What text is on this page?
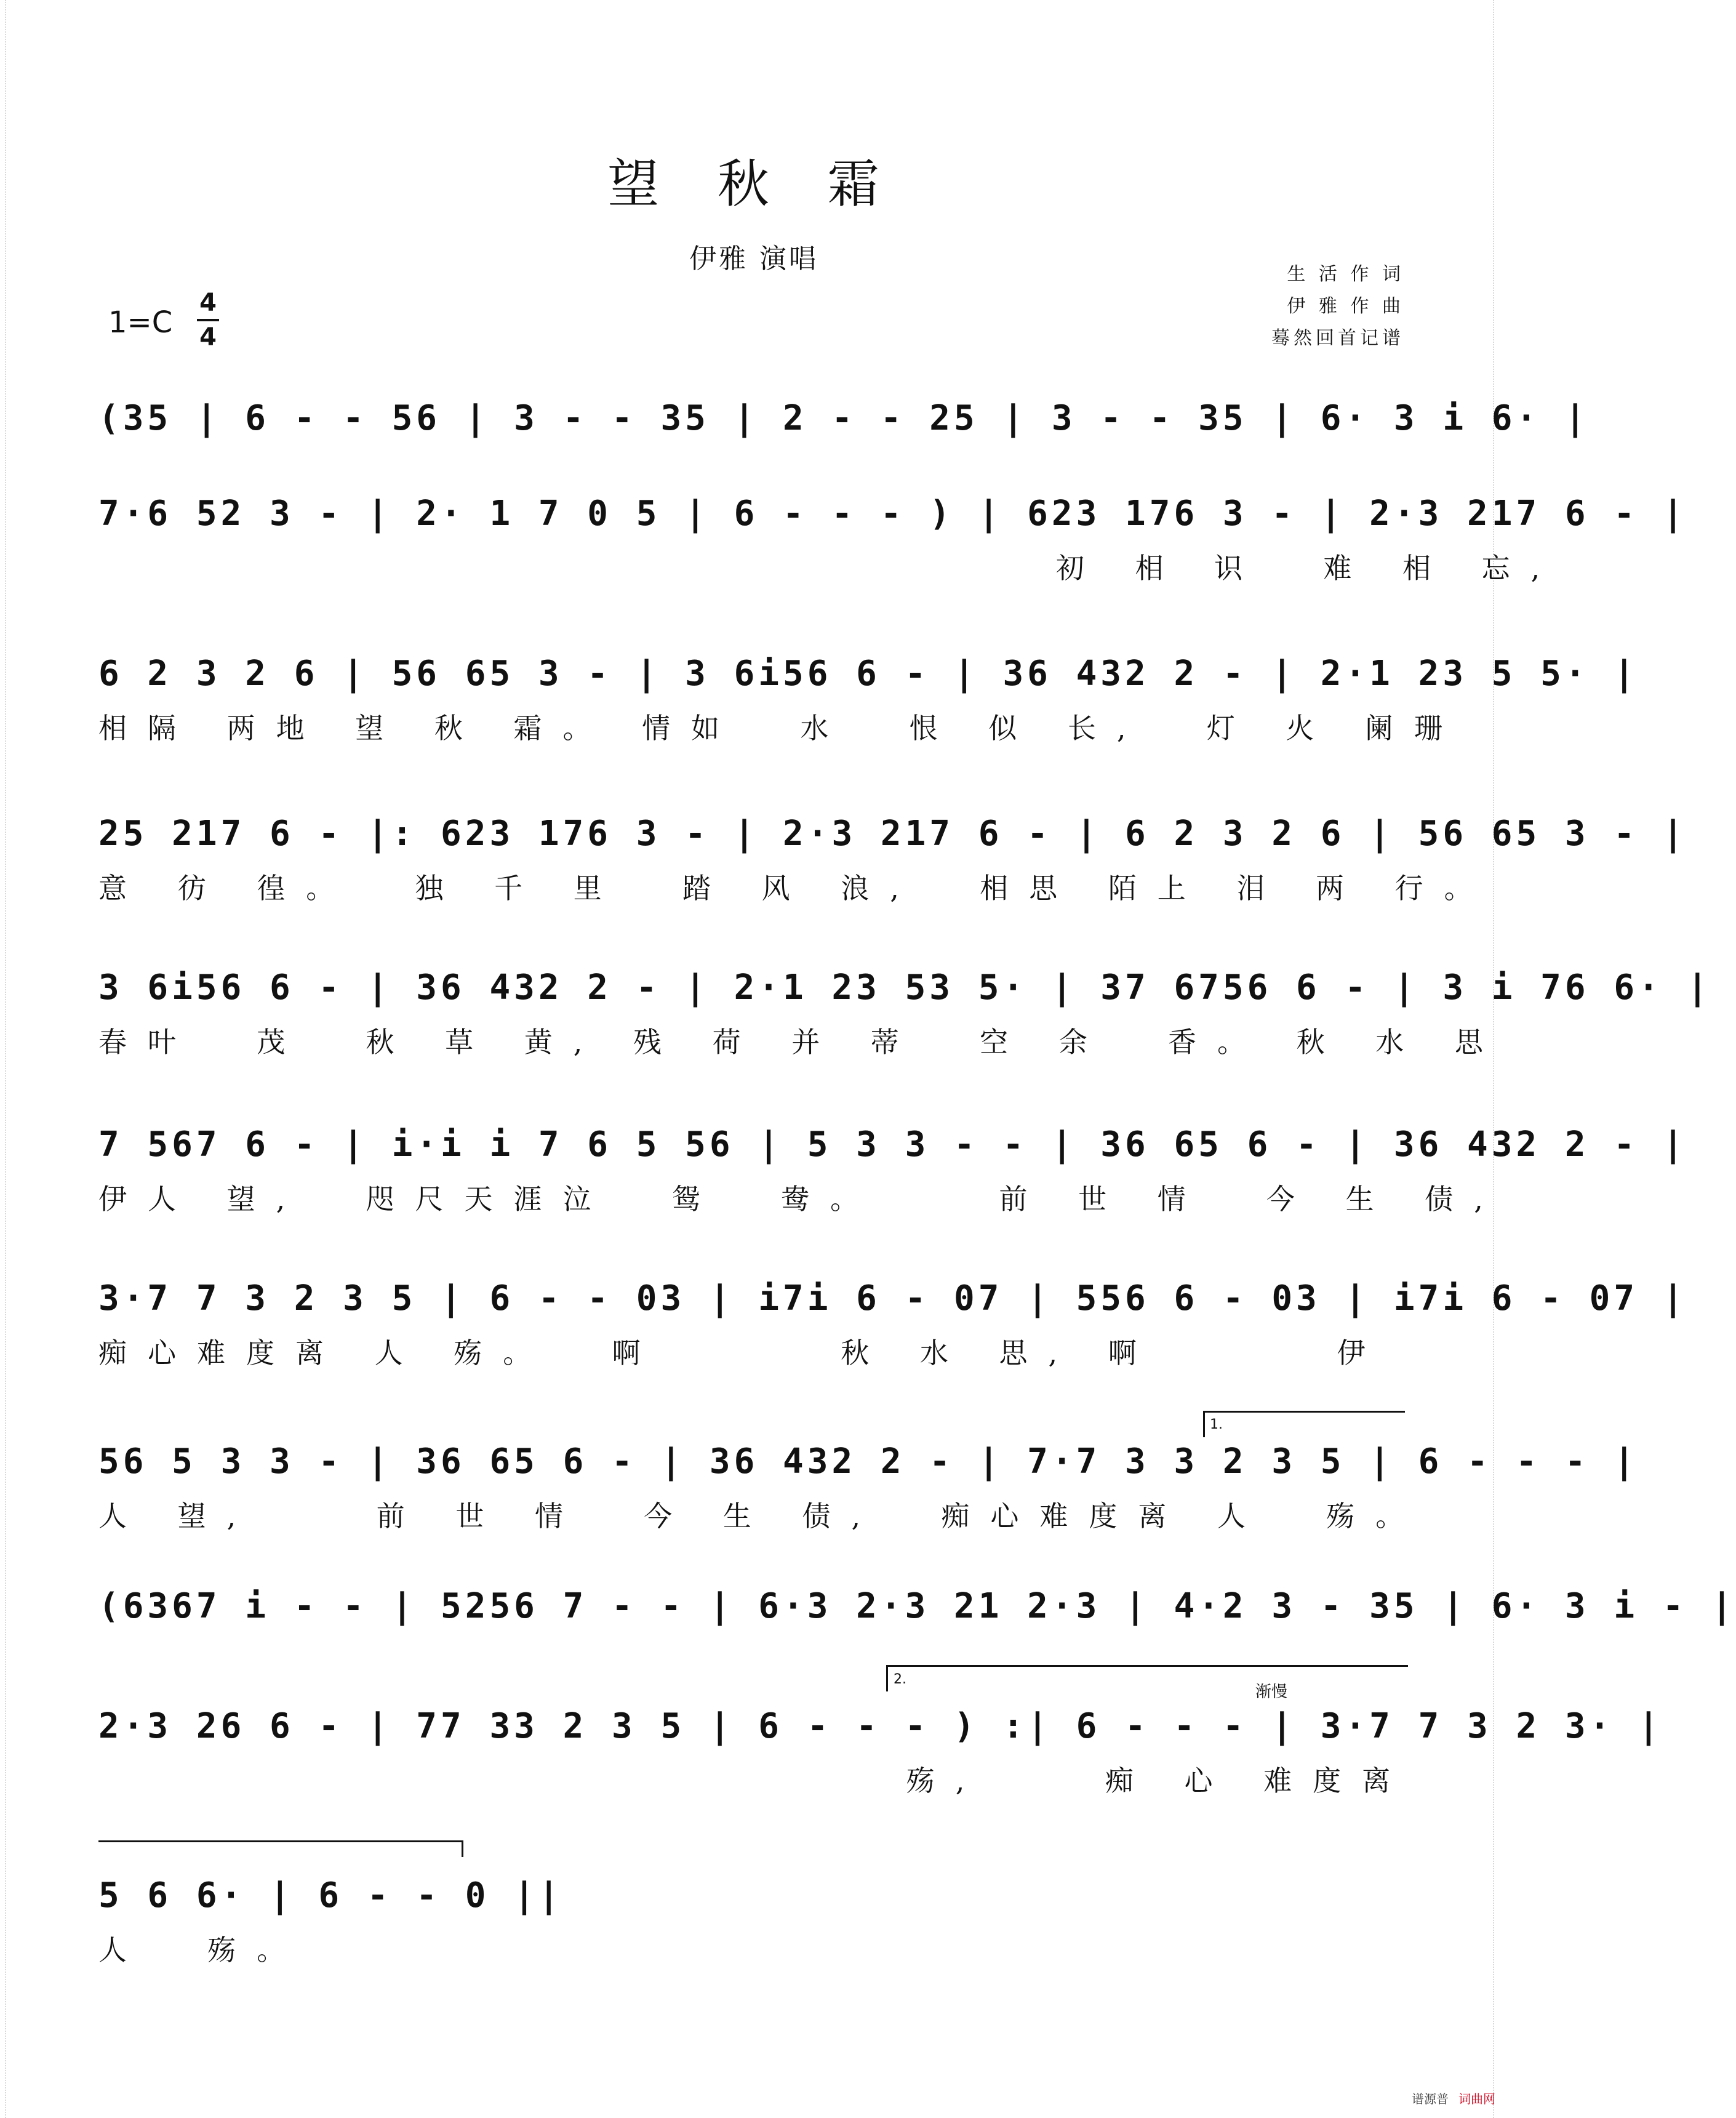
望 秋 霜
伊雅 演唱	生 活 作 词
伊 雅 作 曲
蓦然回首记谱
1=C
4
4
(35 | 6 - - 56 | 3 - - 35 | 2 - - 25 | 3 - - 35 | 6· 3 i 6· |
7·6 52 3 - | 2· 1 7 0 5 | 6 - - - ) | 623 176 3 - | 2·3 217 6 - |
初 相 识  难 相 忘,
6 2 3 2 6 | 56 65 3 - | 3 6i56 6 - | 36 432 2 - | 2·1 23 5 5· |
相隔 两地 望 秋 霜。 情如  水  恨 似 长,  灯 火 阑珊
25 217 6 - |: 623 176 3 - | 2·3 217 6 - | 6 2 3 2 6 | 56 65 3 - |
意 彷 徨。  独 千 里  踏 风 浪,  相思 陌上 泪 两 行。
3 6i56 6 - | 36 432 2 - | 2·1 23 53 5· | 37 6756 6 - | 3 i 76 6· |
春叶  茂  秋 草 黄, 残 荷 并 蒂  空 余  香。 秋 水 思
7 567 6 - | i·i i 7 6 5 56 | 5 3 3 - - | 36 65 6 - | 36 432 2 - |
伊人 望,  咫尺天涯泣  鸳  鸯。    前 世 情  今 生 债,
3·7 7 3 2 3 5 | 6 - - 03 | i7i 6 - 07 | 556 6 - 03 | i7i 6 - 07 |
痴心难度离 人 殇。  啊      秋 水 思, 啊      伊
56 5 3 3 - | 36 65 6 - | 36 432 2 - | 7·7 3 3 2 3 5 | 6 - - - |
人 望,    前 世 情  今 生 债,  痴心难度离 人  殇。
(6367 i - - | 5256 7 - - | 6·3 2·3 21 2·3 | 4·2 3 - 35 | 6· 3 i - |
2·3 26 6 - | 77 33 2 3 5 | 6 - - - ) :| 6 - - - | 3·7 7 3 2 3· |
殇,    痴 心 难度离
5 6 6· | 6 - - 0 ||
人  殇。
1.
2.
渐慢
谱源普 词曲网
